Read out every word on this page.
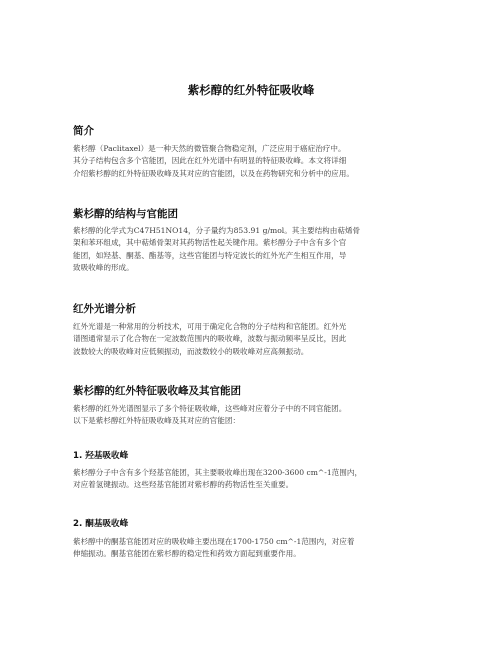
紫杉醇的红外特征吸收峰
简介

紫杉醇（Paclitaxel）是一种天然的微管聚合物稳定剂，广泛应用于癌症治疗中。
其分子结构包含多个官能团，因此在红外光谱中有明显的特征吸收峰。本文将详细
介绍紫杉醇的红外特征吸收峰及其对应的官能团，以及在药物研究和分析中的应用。

紫杉醇的结构与官能团

紫杉醇的化学式为C47H51NO14，分子量约为853.91 g/mol。其主要结构由萜烯骨
架和苯环组成，其中萜烯骨架对其药物活性起关键作用。紫杉醇分子中含有多个官
能团，如羟基、酮基、酯基等，这些官能团与特定波长的红外光产生相互作用，导
致吸收峰的形成。

红外光谱分析

红外光谱是一种常用的分析技术，可用于确定化合物的分子结构和官能团。红外光
谱图通常显示了化合物在一定波数范围内的吸收峰，波数与振动频率呈反比，因此
波数较大的吸收峰对应低频振动，而波数较小的吸收峰对应高频振动。

紫杉醇的红外特征吸收峰及其官能团

紫杉醇的红外光谱图显示了多个特征吸收峰，这些峰对应着分子中的不同官能团。
以下是紫杉醇红外特征吸收峰及其对应的官能团：

1. 羟基吸收峰

紫杉醇分子中含有多个羟基官能团，其主要吸收峰出现在3200-3600 cm^-1范围内，
对应着氢键振动。这些羟基官能团对紫杉醇的药物活性至关重要。

2. 酮基吸收峰

紫杉醇中的酮基官能团对应的吸收峰主要出现在1700-1750 cm^-1范围内，对应着
伸缩振动。酮基官能团在紫杉醇的稳定性和药效方面起到重要作用。
